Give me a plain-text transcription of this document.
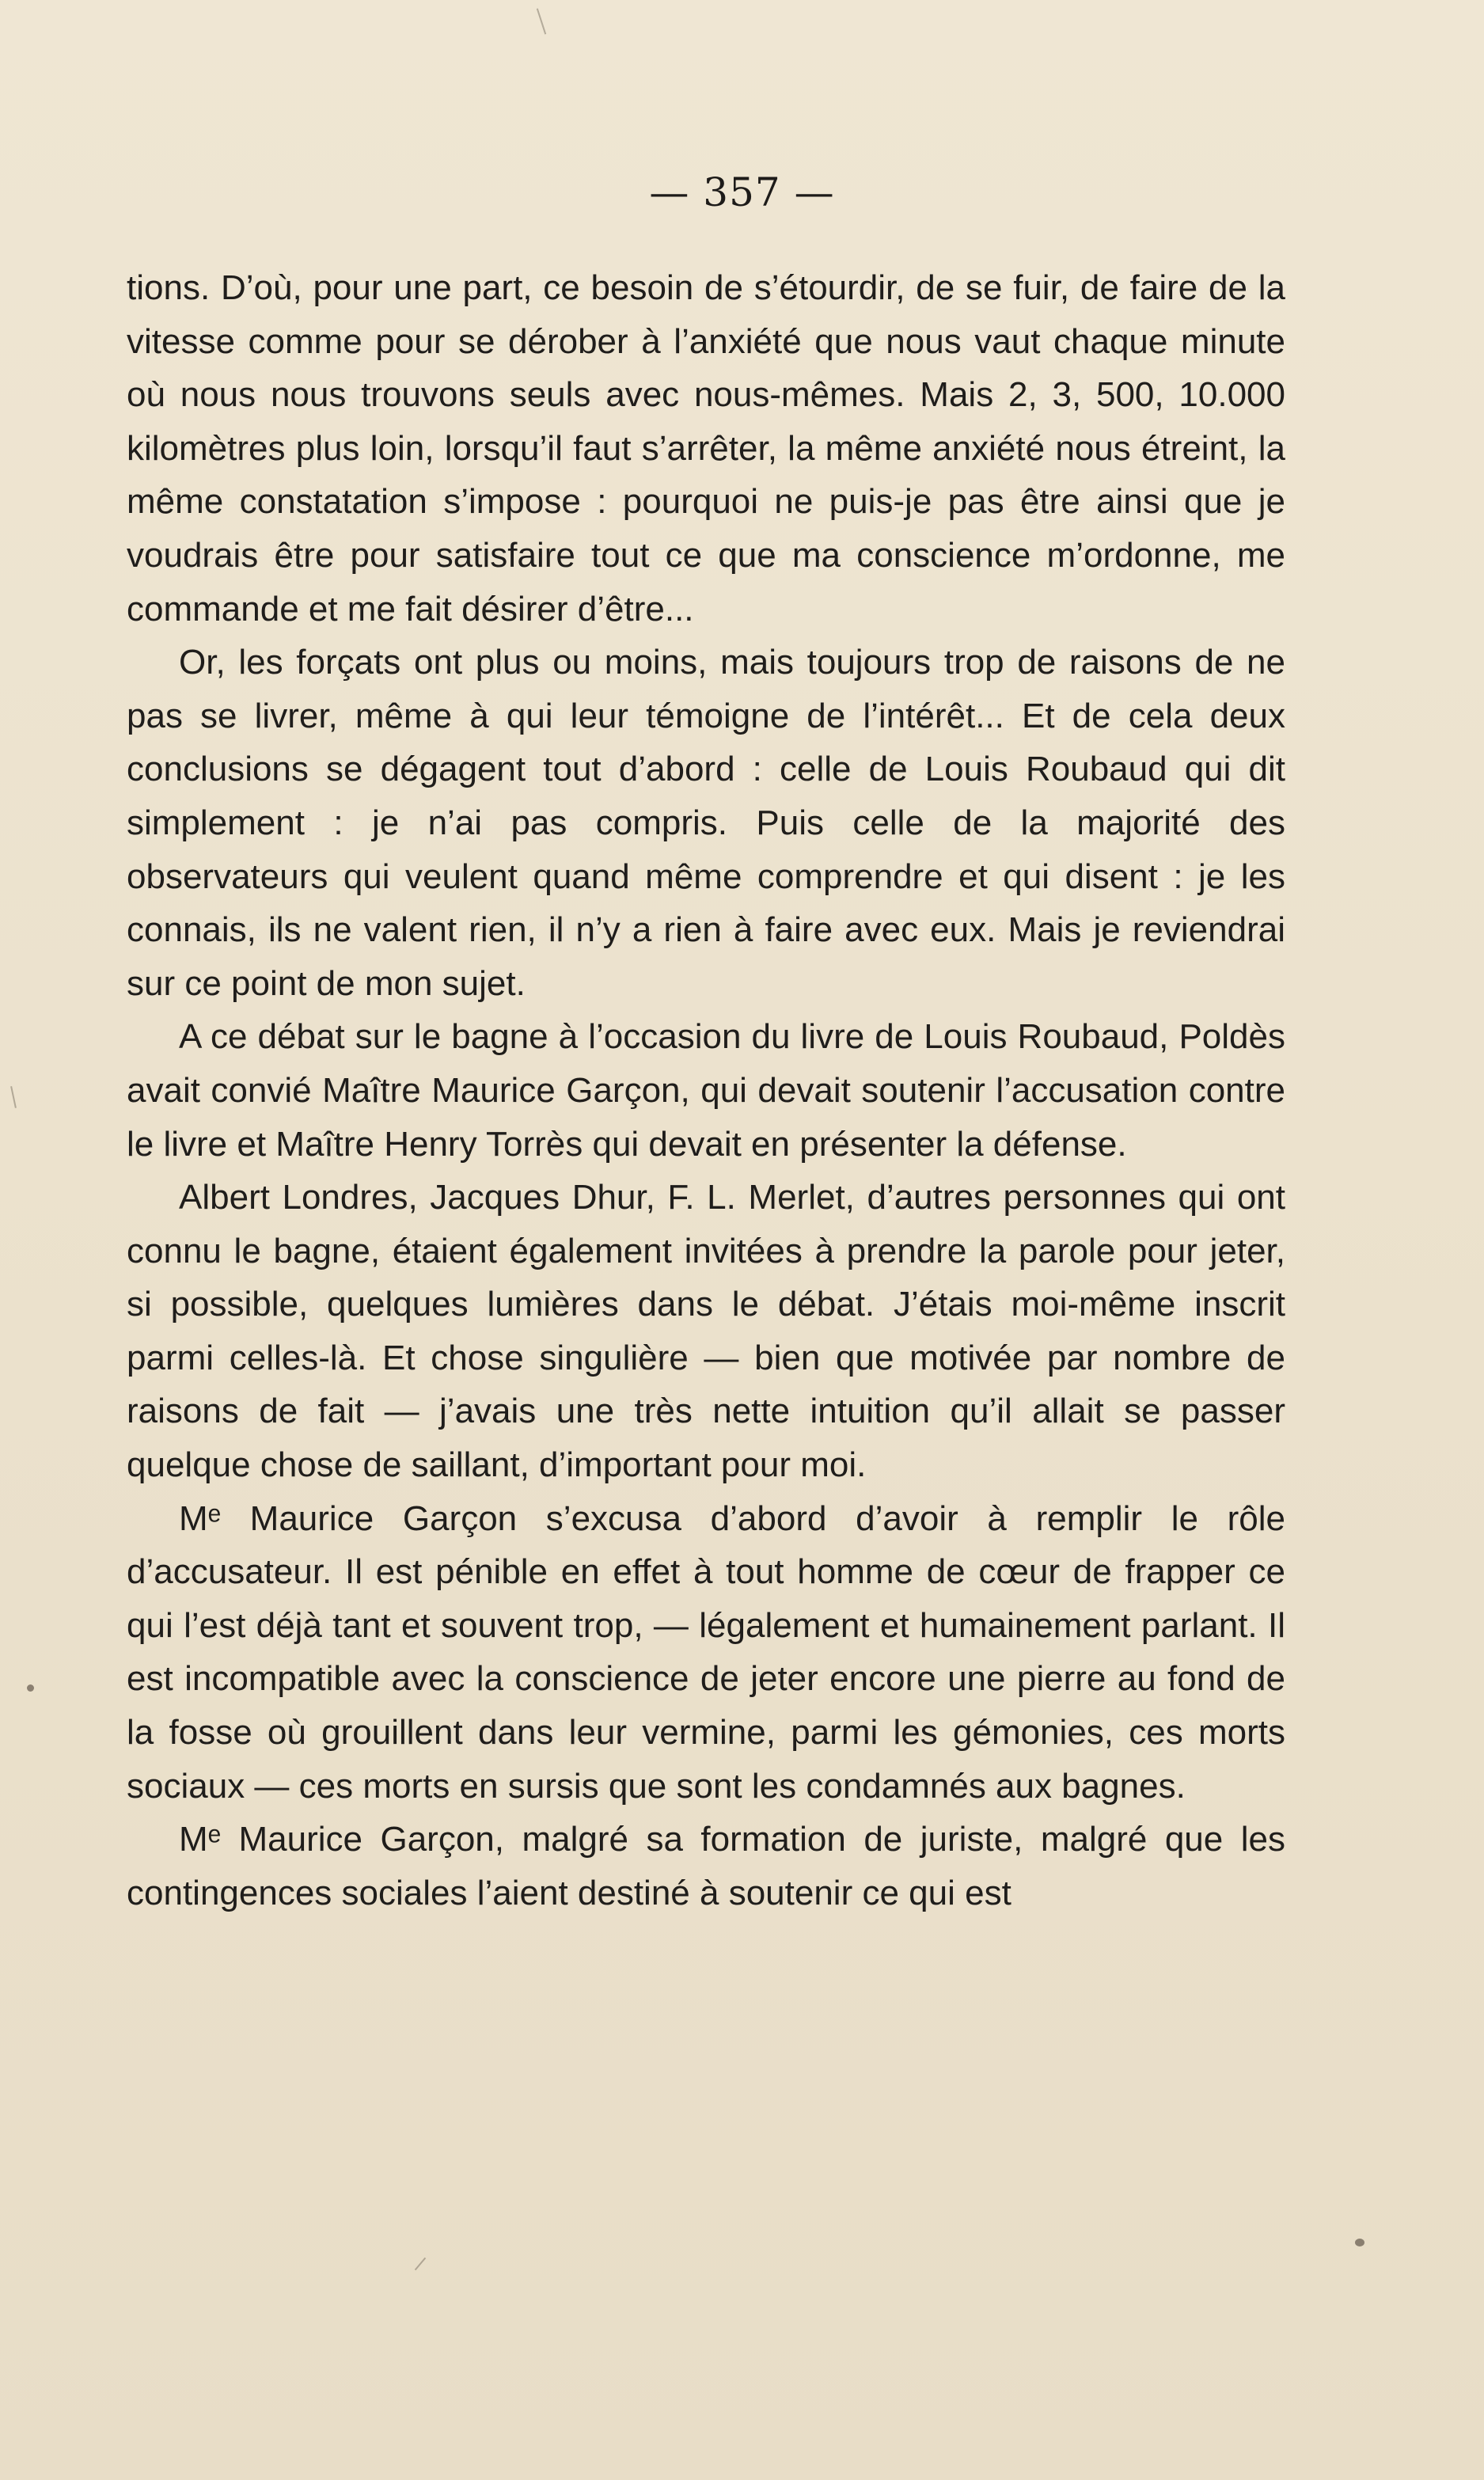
— 357 —

tions. D’où, pour une part, ce besoin de s’étourdir, de se fuir, de faire de la vitesse comme pour se dérober à l’anxiété que nous vaut chaque minute où nous nous trouvons seuls avec nous-mêmes. Mais 2, 3, 500, 10.000 kilomètres plus loin, lorsqu’il faut s’arrêter, la même anxiété nous étreint, la même constatation s’impose : pourquoi ne puis-je pas être ainsi que je voudrais être pour satisfaire tout ce que ma conscience m’ordonne, me commande et me fait désirer d’être...

Or, les forçats ont plus ou moins, mais toujours trop de raisons de ne pas se livrer, même à qui leur témoigne de l’intérêt... Et de cela deux conclusions se dégagent tout d’abord : celle de Louis Roubaud qui dit simplement : je n’ai pas compris. Puis celle de la majorité des observateurs qui veulent quand même comprendre et qui disent : je les connais, ils ne valent rien, il n’y a rien à faire avec eux. Mais je reviendrai sur ce point de mon sujet.

A ce débat sur le bagne à l’occasion du livre de Louis Roubaud, Poldès avait convié Maître Maurice Garçon, qui devait soutenir l’accusation contre le livre et Maître Henry Torrès qui devait en présenter la défense.

Albert Londres, Jacques Dhur, F. L. Merlet, d’autres personnes qui ont connu le bagne, étaient également invitées à prendre la parole pour jeter, si possible, quelques lumières dans le débat. J’étais moi-même inscrit parmi celles-là. Et chose singulière — bien que motivée par nombre de raisons de fait — j’avais une très nette intuition qu’il allait se passer quelque chose de saillant, d’important pour moi.

Mᵉ Maurice Garçon s’excusa d’abord d’avoir à remplir le rôle d’accusateur. Il est pénible en effet à tout homme de cœur de frapper ce qui l’est déjà tant et souvent trop, — légalement et humainement parlant. Il est incompatible avec la conscience de jeter encore une pierre au fond de la fosse où grouillent dans leur vermine, parmi les gémonies, ces morts sociaux — ces morts en sursis que sont les condamnés aux bagnes.

Mᵉ Maurice Garçon, malgré sa formation de juriste, malgré que les contingences sociales l’aient destiné à soutenir ce qui est
